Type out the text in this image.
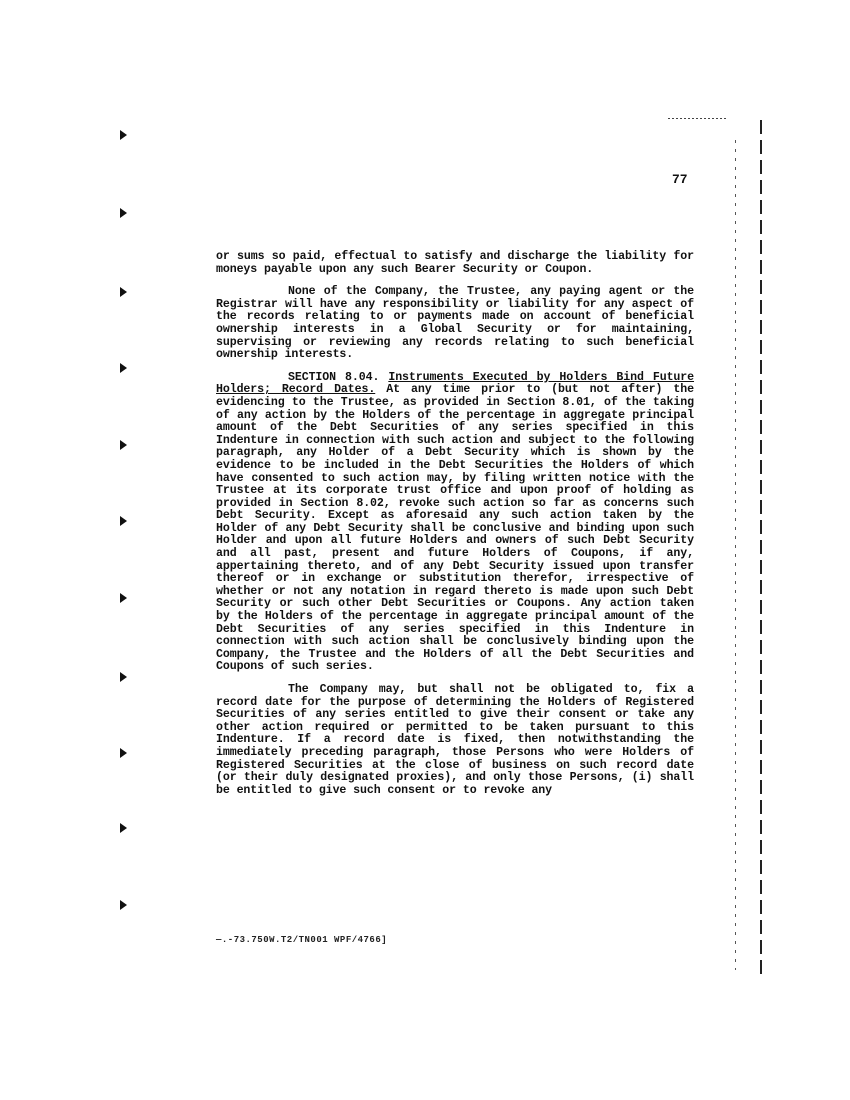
77

or sums so paid, effectual to satisfy and discharge the liability for moneys payable upon any such Bearer Security or Coupon.

None of the Company, the Trustee, any paying agent or the Registrar will have any responsibility or liability for any aspect of the records relating to or payments made on account of beneficial ownership interests in a Global Security or for maintaining, supervising or reviewing any records relating to such beneficial ownership interests.

SECTION 8.04. Instruments Executed by Holders Bind Future Holders; Record Dates. At any time prior to (but not after) the evidencing to the Trustee, as provided in Section 8.01, of the taking of any action by the Holders of the percentage in aggregate principal amount of the Debt Securities of any series specified in this Indenture in connection with such action and subject to the following paragraph, any Holder of a Debt Security which is shown by the evidence to be included in the Debt Securities the Holders of which have consented to such action may, by filing written notice with the Trustee at its corporate trust office and upon proof of holding as provided in Section 8.02, revoke such action so far as concerns such Debt Security. Except as aforesaid any such action taken by the Holder of any Debt Security shall be conclusive and binding upon such Holder and upon all future Holders and owners of such Debt Security and all past, present and future Holders of Coupons, if any, appertaining thereto, and of any Debt Security issued upon transfer thereof or in exchange or substitution therefor, irrespective of whether or not any notation in regard thereto is made upon such Debt Security or such other Debt Securities or Coupons. Any action taken by the Holders of the percentage in aggregate principal amount of the Debt Securities of any series specified in this Indenture in connection with such action shall be conclusively binding upon the Company, the Trustee and the Holders of all the Debt Securities and Coupons of such series.

The Company may, but shall not be obligated to, fix a record date for the purpose of determining the Holders of Registered Securities of any series entitled to give their consent or take any other action required or permitted to be taken pursuant to this Indenture. If a record date is fixed, then notwithstanding the immediately preceding paragraph, those Persons who were Holders of Registered Securities at the close of business on such record date (or their duly designated proxies), and only those Persons, (i) shall be entitled to give such consent or to revoke any

—.-73.750W.T2/TN001 WPF/4766]
